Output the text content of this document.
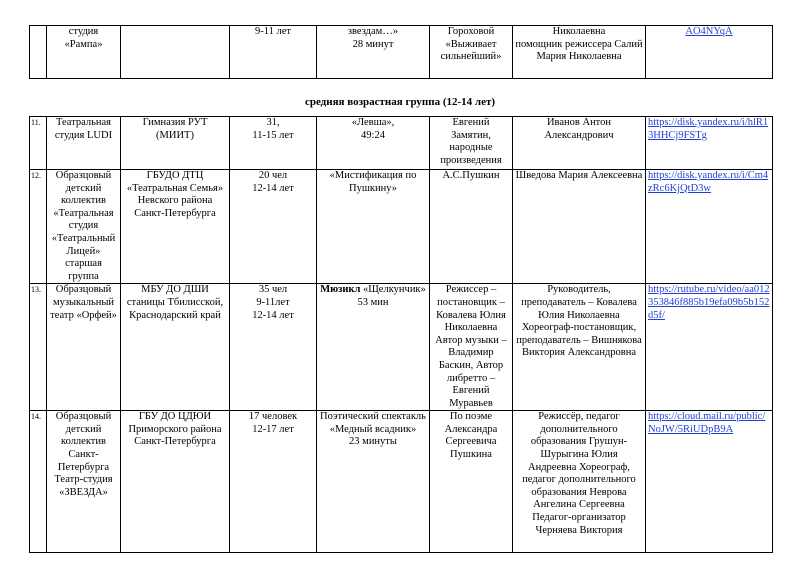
	студия «Рампа»		9-11 лет	звездам…»
28 минут	Гороховой «Выживает сильнейший»	Николаевна
помощник режиссера Салий Мария Николаевна	AO4NYqA
средняя возрастная группа (12-14 лет)
11.	Театральная студия LUDI	Гимназия РУТ (МИИТ)	31,
11-15 лет	«Левша»,
49:24	Евгений Замятин, народные произведения	Иванов Антон Александрович	https://disk.yandex.ru/i/hlR13HHCj9FSTg
12.	Образцовый детский коллектив «Театральная студия «Театральный Лицей» старшая группа	ГБУДО ДТЦ «Театральная Семья» Невского района Санкт-Петербурга	20 чел
12-14 лет	«Мистификация по Пушкину»	А.С.Пушкин	Шведова Мария Алексеевна	https://disk.yandex.ru/i/Cm4zRc6KjQtD3w
13.	Образцовый музыкальный театр «Орфей»	МБУ ДО ДШИ станицы Тбилисской, Краснодарский край	35 чел
9-11лет
12-14 лет	Мюзикл «Щелкунчик»
53 мин	Режиссер – постановщик – Ковалева Юлия Николаевна Автор музыки – Владимир Баскин, Автор либретто – Евгений Муравьев	Руководитель, преподаватель – Ковалева Юлия Николаевна Хореограф-постановщик, преподаватель – Вишнякова Виктория Александровна	https://rutube.ru/video/aa012353846f885b19efa09b5b152d5f/
14.	Образцовый детский коллектив Санкт-Петербурга Театр-студия «ЗВЕЗДА»	ГБУ ДО ЦДЮИ Приморского района Санкт-Петербурга	17 человек
12-17 лет	Поэтический спектакль «Медный всадник»
23 минуты	По поэме Александра Сергеевича Пушкина	Режиссёр, педагог дополнительного образования Грушун-Шурыгина Юлия Андреевна Хореограф, педагог дополнительного образования Неврова Ангелина Сергеевна Педагог-организатор Черняева Виктория	https://cloud.mail.ru/public/NoJW/5RiUDpB9A
